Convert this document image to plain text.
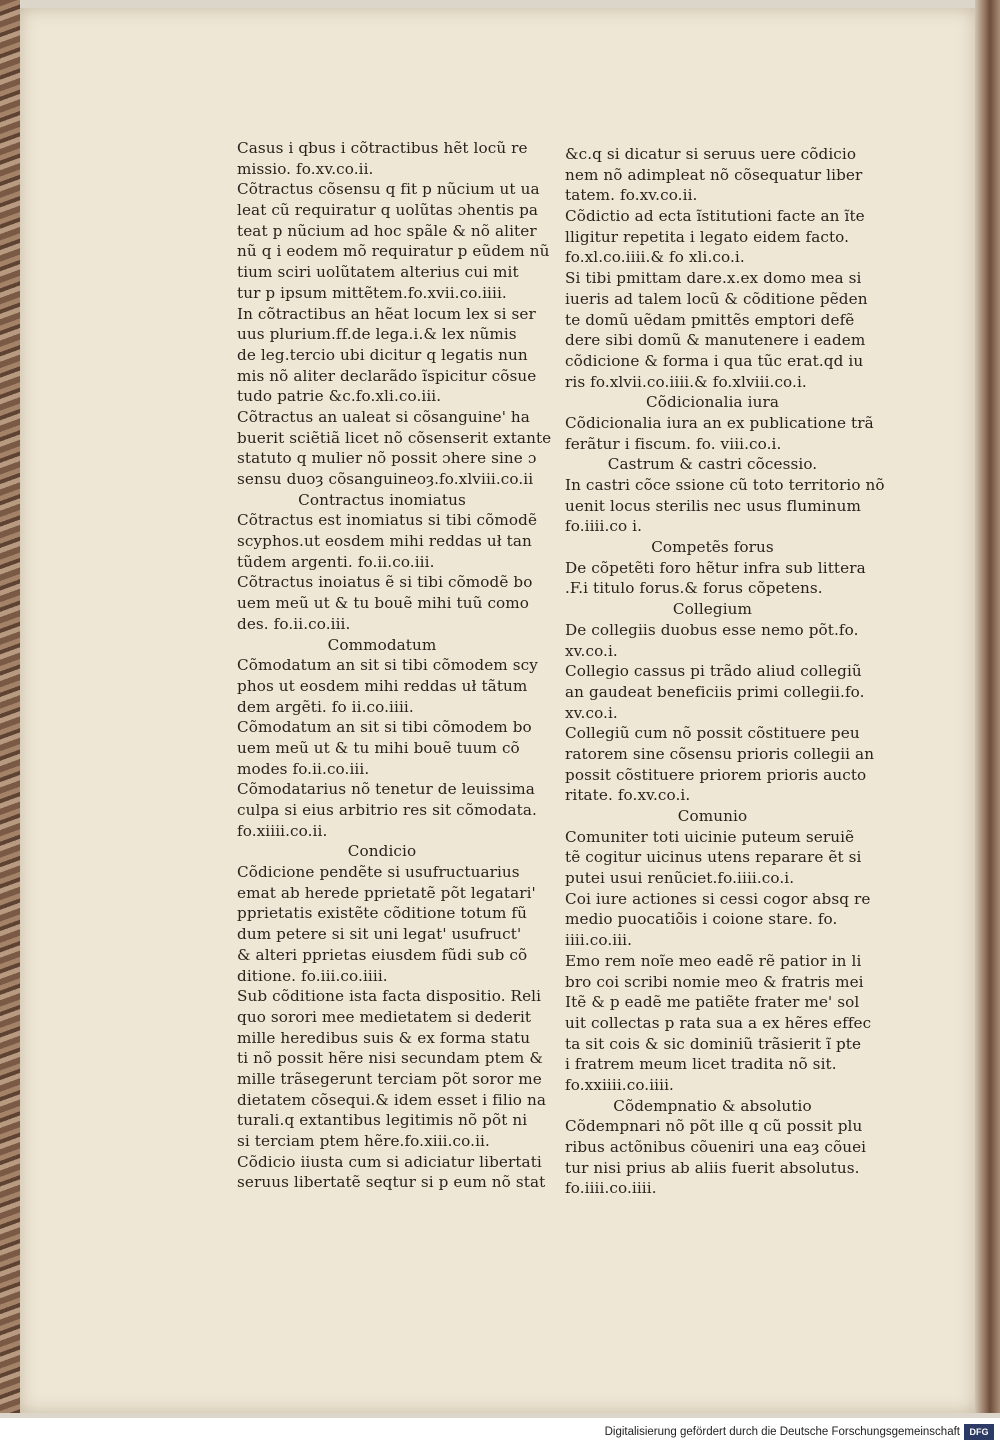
Casus i qbus i cõtractibus hẽt locũ re
missio. fo.xv.co.ii.
Cõtractus cõsensu q fit p nũcium ut ua
leat cũ requiratur q uolũtas ɔhentis pa
teat p nũcium ad hoc spãle & nõ aliter
nũ q i eodem mõ requiratur p eũdem nũ
tium sciri uolũtatem alterius cui mit
tur p ipsum mittẽtem.fo.xvii.co.iiii.
In cõtractibus an hẽat locum lex si ser
uus plurium.ff.de lega.i.& lex nũmis
de leg.tercio ubi dicitur q legatis nun
mis nõ aliter declarãdo ĩspicitur cõsue
tudo patrie &c.fo.xli.co.iii.
Cõtractus an ualeat si cõsanguine' ha
buerit sciẽtiã licet nõ cõsenserit extante
statuto q mulier nõ possit ɔhere sine ɔ
sensu duoȝ cõsanguineoȝ.fo.xlviii.co.ii
Contractus inomiatus
Cõtractus est inomiatus si tibi cõmodẽ
scyphos.ut eosdem mihi reddas uł tan
tũdem argenti. fo.ii.co.iii.
Cõtractus inoiatus ẽ si tibi cõmodẽ bo
uem meũ ut & tu bouẽ mihi tuũ como
des. fo.ii.co.iii.
Commodatum
Cõmodatum an sit si tibi cõmodem scy
phos ut eosdem mihi reddas uł tãtum
dem argẽti. fo ii.co.iiii.
Cõmodatum an sit si tibi cõmodem bo
uem meũ ut & tu mihi bouẽ tuum cõ
modes fo.ii.co.iii.
Cõmodatarius nõ tenetur de leuissima
culpa si eius arbitrio res sit cõmodata.
fo.xiiii.co.ii.
Condicio
Cõdicione pendẽte si usufructuarius
emat ab herede pprietatẽ põt legatari'
pprietatis existẽte cõditione totum fũ
dum petere si sit uni legat' usufruct'
& alteri pprietas eiusdem fũdi sub cõ
ditione. fo.iii.co.iiii.
Sub cõditione ista facta dispositio. Reli
quo sorori mee medietatem si dederit
mille heredibus suis & ex forma statu
ti nõ possit hẽre nisi secundam ptem &
mille trãsegerunt terciam põt soror me
dietatem cõsequi.& idem esset i filio na
turali.q extantibus legitimis nõ põt ni
si terciam ptem hẽre.fo.xiii.co.ii.
Cõdicio iiusta cum si adiciatur libertati
seruus libertatẽ seqtur si p eum nõ stat
&c.q si dicatur si seruus uere cõdicio
nem nõ adimpleat nõ cõsequatur liber
tatem. fo.xv.co.ii.
Cõdictio ad ecta ĩstitutioni facte an ĩte
lligitur repetita i legato eidem facto.
fo.xl.co.iiii.& fo xli.co.i.
Si tibi pmittam dare.x.ex domo mea si
iueris ad talem locũ & cõditione pẽden
te domũ uẽdam pmittẽs emptori defẽ
dere sibi domũ & manutenere i eadem
cõdicione & forma i qua tũc erat.qd iu
ris fo.xlvii.co.iiii.& fo.xlviii.co.i.
Cõdicionalia iura
Cõdicionalia iura an ex publicatione trã
ferãtur i fiscum. fo. viii.co.i.
Castrum & castri cõcessio.
In castri cõce ssione cũ toto territorio nõ
uenit locus sterilis nec usus fluminum
fo.iiii.co i.
Competẽs forus
De cõpetẽti foro hẽtur infra sub littera
.F.i titulo forus.& forus cõpetens.
Collegium
De collegiis duobus esse nemo põt.fo.
xv.co.i.
Collegio cassus pi trãdo aliud collegiũ
an gaudeat beneficiis primi collegii.fo.
xv.co.i.
Collegiũ cum nõ possit cõstituere peu
ratorem sine cõsensu prioris collegii an
possit cõstituere priorem prioris aucto
ritate. fo.xv.co.i.
Comunio
Comuniter toti uicinie puteum seruiẽ
tẽ cogitur uicinus utens reparare ẽt si
putei usui renũciet.fo.iiii.co.i.
Coi iure actiones si cessi cogor absq re
medio puocatiõis i coione stare. fo.
iiii.co.iii.
Emo rem noĩe meo eadẽ rẽ patior in li
bro coi scribi nomie meo & fratris mei
Itẽ & p eadẽ me patiẽte frater me' sol
uit collectas p rata sua a ex hẽres effec
ta sit cois & sic dominiũ trãsierit ĩ pte
i fratrem meum licet tradita nõ sit.
fo.xxiiii.co.iiii.
Cõdempnatio & absolutio
Cõdempnari nõ põt ille q cũ possit plu
ribus actõnibus cõueniri una eaȝ cõuei
tur nisi prius ab aliis fuerit absolutus.
fo.iiii.co.iiii.
Digitalisierung gefördert durch die Deutsche Forschungsgemeinschaft	DFG
